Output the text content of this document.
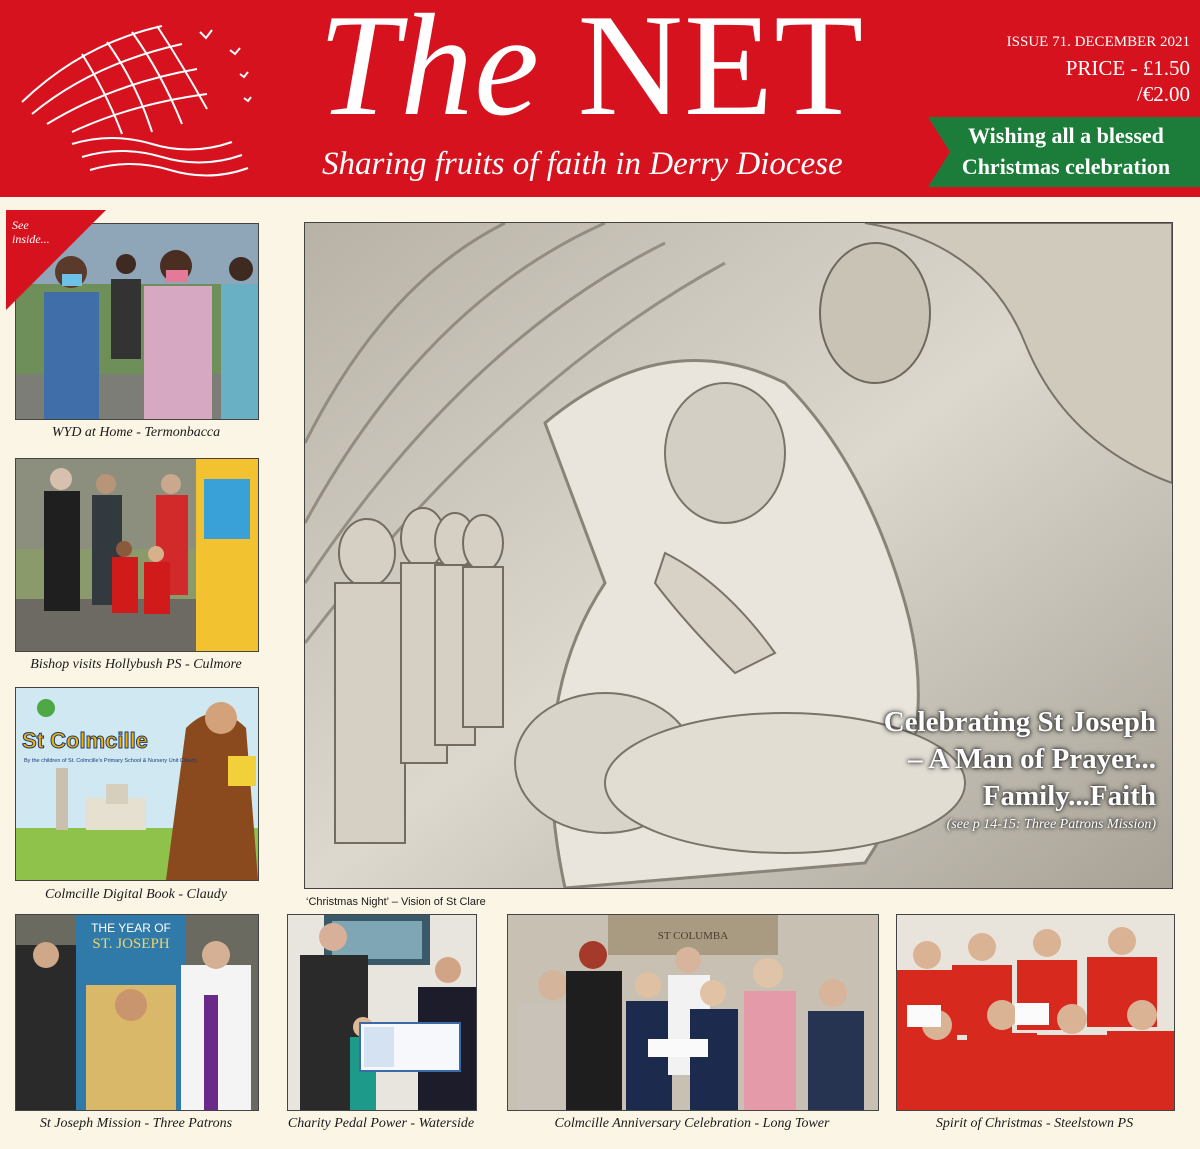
The NET
Sharing fruits of faith in Derry Diocese
ISSUE 71. DECEMBER 2021
PRICE - £1.50
/€2.00
Wishing all a blessed
Christmas celebration
See
inside...
WYD at Home - Termonbacca
Bishop visits Hollybush PS - Culmore
St Colmcille
By the children of St. Colmcille's Primary School & Nursery Unit Claudy
Colmcille Digital Book - Claudy
Celebrating St Joseph
– A Man of Prayer...
Family...Faith
(see p 14-15: Three Patrons Mission)
‘Christmas Night’ – Vision of St Clare
THE YEAR OF
ST. JOSEPH
St Joseph Mission - Three Patrons	Charity Pedal Power - Waterside
ST COLUMBA
Colmcille Anniversary Celebration - Long Tower	Spirit of Christmas - Steelstown PS
